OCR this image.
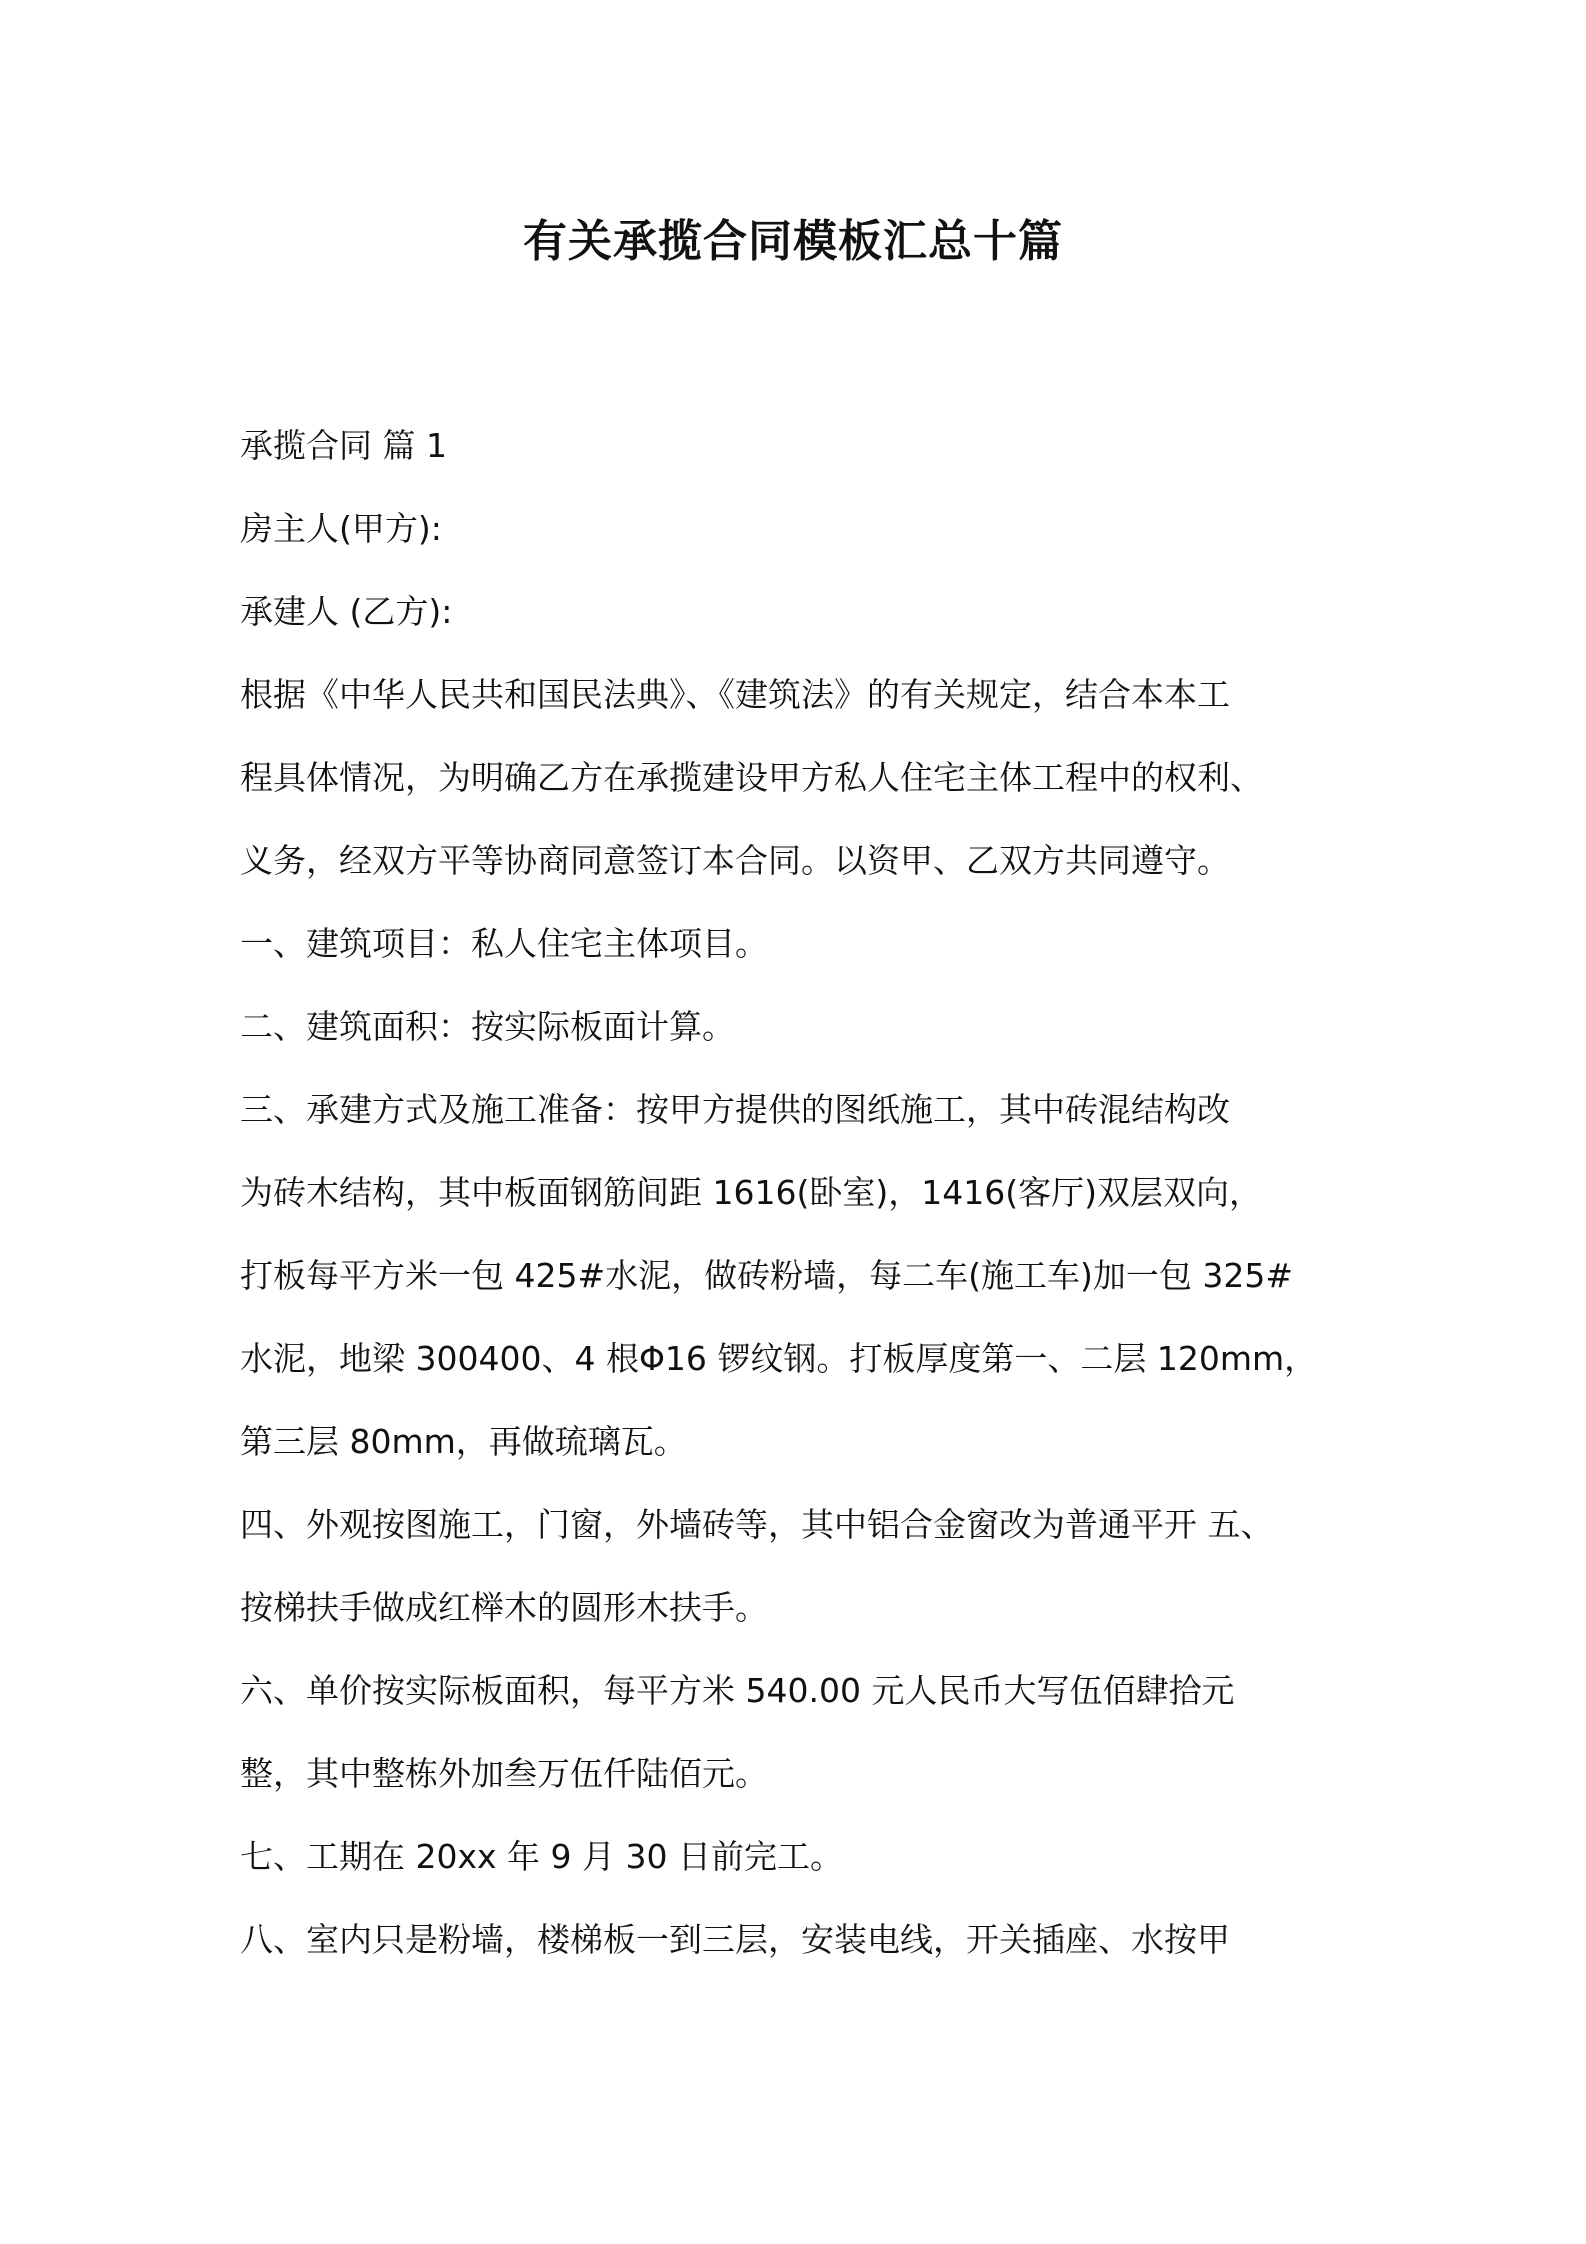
有关承揽合同模板汇总十篇
承揽合同 篇 1
房主人(甲方):
承建人 (乙方):
根据《中华人民共和国民法典》、《建筑法》的有关规定，结合本本工
程具体情况，为明确乙方在承揽建设甲方私人住宅主体工程中的权利、
义务，经双方平等协商同意签订本合同。以资甲、乙双方共同遵守。
一、建筑项目：私人住宅主体项目。
二、建筑面积：按实际板面计算。
三、承建方式及施工准备：按甲方提供的图纸施工，其中砖混结构改
为砖木结构，其中板面钢筋间距 1616(卧室)，1416(客厅)双层双向，
打板每平方米一包 425#水泥，做砖粉墙，每二车(施工车)加一包 325#
水泥，地梁 300400、4 根Φ16 锣纹钢。打板厚度第一、二层 120mm，
第三层 80mm，再做琉璃瓦。
四、外观按图施工，门窗，外墙砖等，其中铝合金窗改为普通平开 五、
按梯扶手做成红榉木的圆形木扶手。
六、单价按实际板面积，每平方米 540.00 元人民币大写伍佰肆拾元
整，其中整栋外加叁万伍仟陆佰元。
七、工期在 20xx 年 9 月 30 日前完工。
八、室内只是粉墙，楼梯板一到三层，安装电线，开关插座、水按甲
